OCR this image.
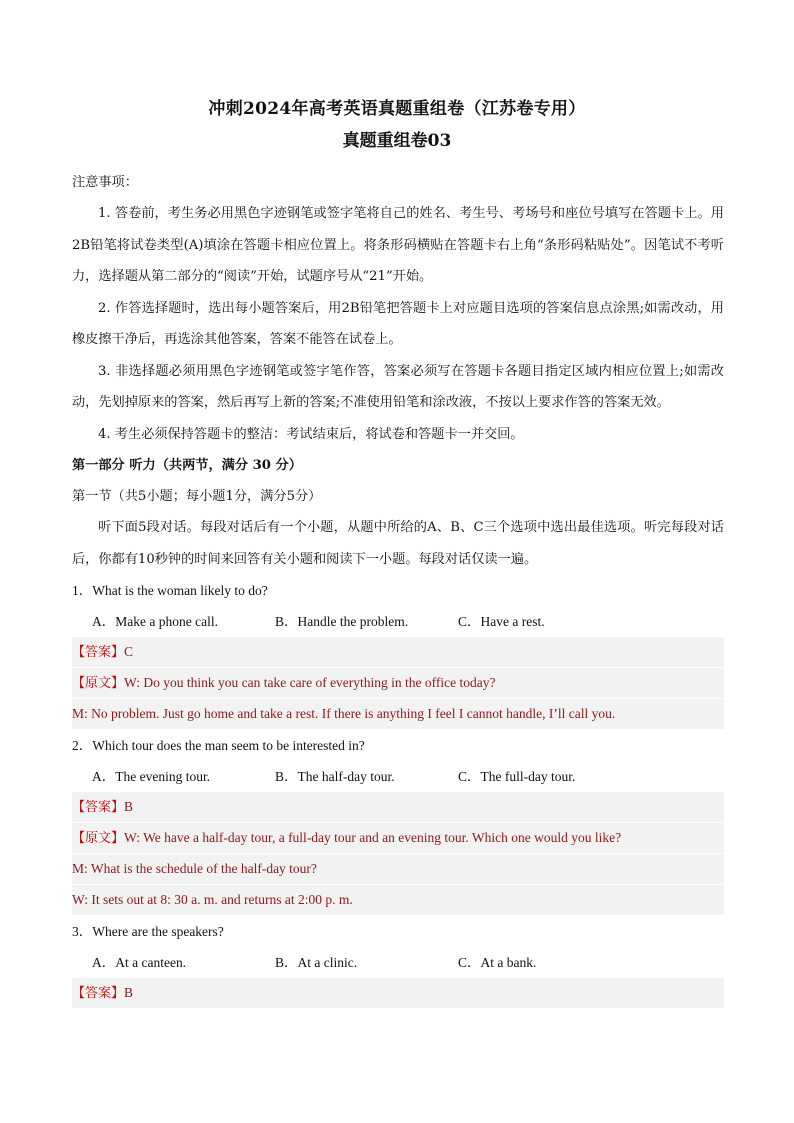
冲刺2024年高考英语真题重组卷（江苏卷专用）
真题重组卷03
注意事项：
1. 答卷前，考生务必用黑色字迹钢笔或签字笔将自己的姓名、考生号、考场号和座位号填写在答题卡上。用2B铅笔将试卷类型(A)填涂在答题卡相应位置上。将条形码横贴在答题卡右上角“条形码粘贴处”。因笔试不考听力，选择题从第二部分的“阅读”开始，试题序号从“21”开始。
2. 作答选择题时，选出每小题答案后，用2B铅笔把答题卡上对应题目选项的答案信息点涂黑;如需改动，用橡皮擦干净后，再选涂其他答案，答案不能答在试卷上。
3. 非选择题必须用黑色字迹钢笔或签字笔作答，答案必须写在答题卡各题目指定区域内相应位置上;如需改动，先划掉原来的答案，然后再写上新的答案;不准使用铅笔和涂改液，不按以上要求作答的答案无效。
4. 考生必须保持答题卡的整洁：考试结束后，将试卷和答题卡一并交回。
第一部分 听力（共两节，满分 30 分）
第一节（共5小题；每小题1分，满分5分）
听下面5段对话。每段对话后有一个小题，从题中所给的A、B、C三个选项中选出最佳选项。听完每段对话后，你都有10秒钟的时间来回答有关小题和阅读下一小题。每段对话仅读一遍。
1．What is the woman likely to do?
A．Make a phone call.	B．Handle the problem.	C．Have a rest.
【答案】C
【原文】W: Do you think you can take care of everything in the office today?
M: No problem. Just go home and take a rest. If there is anything I feel I cannot handle, I’ll call you.
2．Which tour does the man seem to be interested in?
A．The evening tour.	B．The half-day tour.	C．The full-day tour.
【答案】B
【原文】W: We have a half-day tour, a full-day tour and an evening tour. Which one would you like?
M: What is the schedule of the half-day tour?
W: It sets out at 8: 30 a. m. and returns at 2:00 p. m.
3．Where are the speakers?
A．At a canteen.	B．At a clinic.	C．At a bank.
【答案】B
